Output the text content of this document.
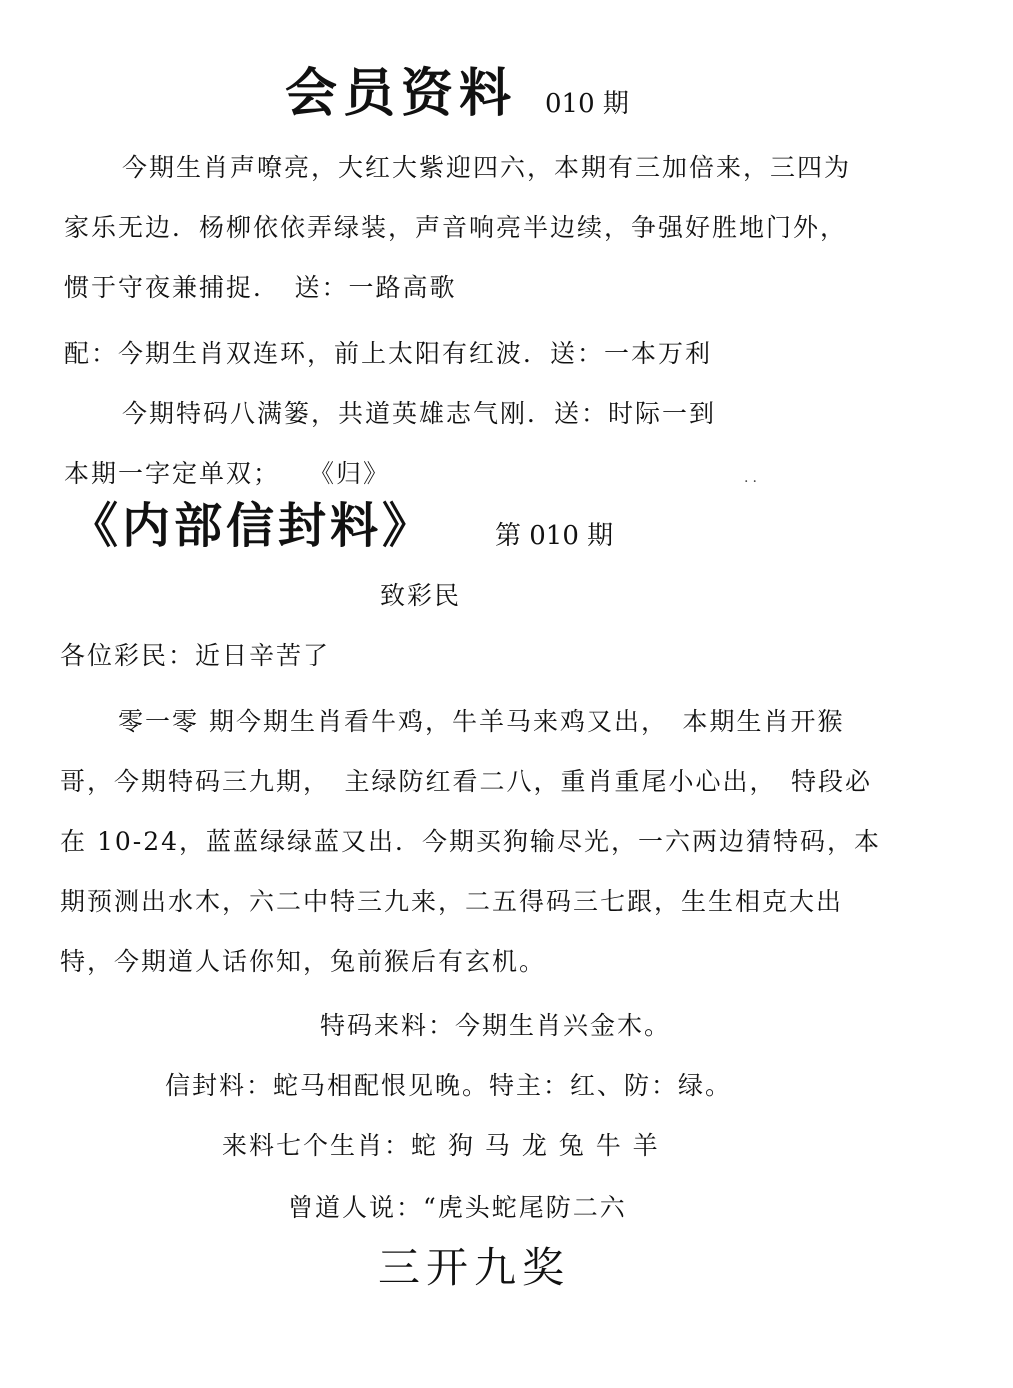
会员资料 010 期
今期生肖声嘹亮，大红大紫迎四六，本期有三加倍来，三四为
家乐无边．杨柳依依弄绿装，声音响亮半边续，争强好胜地门外，
惯于守夜兼捕捉．　送：一路高歌
配：今期生肖双连环，前上太阳有红波．送：一本万利
今期特码八满篓，共道英雄志气刚．送：时际一到
本期一字定单双；　　《归》	..
《内部信封料》 第 010 期
致彩民
各位彩民：近日辛苦了
零一零 期今期生肖看牛鸡，牛羊马来鸡又出，　本期生肖开猴
哥，今期特码三九期，　主绿防红看二八，重肖重尾小心出，　特段必
在 10-24，蓝蓝绿绿蓝又出．今期买狗输尽光，一六两边猜特码，本
期预测出水木，六二中特三九来，二五得码三七跟，生生相克大出
特，今期道人话你知，兔前猴后有玄机。
特码来料：今期生肖兴金木。
信封料：蛇马相配恨见晚。特主：红、防：绿。
来料七个生肖：蛇 狗 马 龙 兔 牛 羊
曾道人说：“虎头蛇尾防二六
三开九奖
